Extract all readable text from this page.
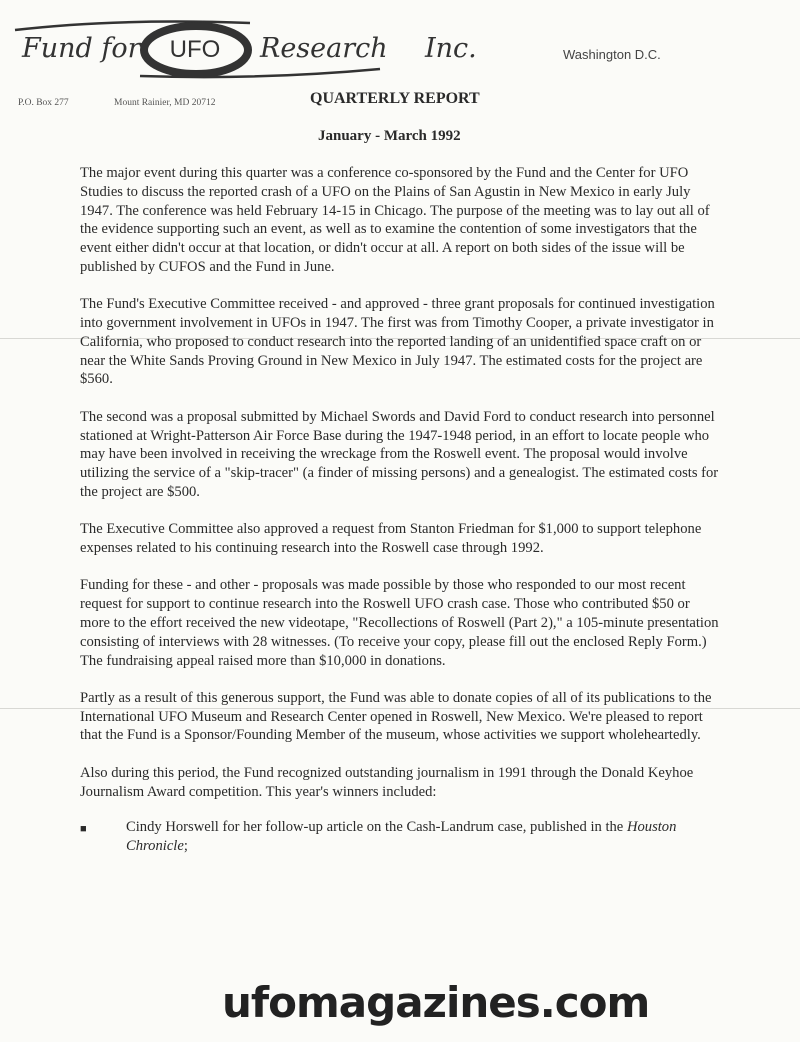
Fund for	UFO	Research Inc.	Washington D.C.
P.O. Box 277	Mount Rainier, MD 20712	QUARTERLY REPORT
January - March 1992

The major event during this quarter was a conference co-sponsored by the Fund and the Center for UFO Studies to discuss the reported crash of a UFO on the Plains of San Agustin in New Mexico in early July 1947. The conference was held February 14-15 in Chicago. The purpose of the meeting was to lay out all of the evidence supporting such an event, as well as to examine the contention of some investigators that the event either didn't occur at that location, or didn't occur at all. A report on both sides of the issue will be published by CUFOS and the Fund in June.

The Fund's Executive Committee received - and approved - three grant proposals for continued investigation into government involvement in UFOs in 1947. The first was from Timothy Cooper, a private investigator in California, who proposed to conduct research into the reported landing of an unidentified space craft on or near the White Sands Proving Ground in New Mexico in July 1947. The estimated costs for the project are $560.

The second was a proposal submitted by Michael Swords and David Ford to conduct research into personnel stationed at Wright-Patterson Air Force Base during the 1947-1948 period, in an effort to locate people who may have been involved in receiving the wreckage from the Roswell event. The proposal would involve utilizing the service of a "skip-tracer" (a finder of missing persons) and a genealogist. The estimated costs for the project are $500.

The Executive Committee also approved a request from Stanton Friedman for $1,000 to support telephone expenses related to his continuing research into the Roswell case through 1992.

Funding for these - and other - proposals was made possible by those who responded to our most recent request for support to continue research into the Roswell UFO crash case. Those who contributed $50 or more to the effort received the new videotape, "Recollections of Roswell (Part 2)," a 105-minute presentation consisting of interviews with 28 witnesses. (To receive your copy, please fill out the enclosed Reply Form.) The fundraising appeal raised more than $10,000 in donations.

Partly as a result of this generous support, the Fund was able to donate copies of all of its publications to the International UFO Museum and Research Center opened in Roswell, New Mexico. We're pleased to report that the Fund is a Sponsor/Founding Member of the museum, whose activities we support wholeheartedly.

Also during this period, the Fund recognized outstanding journalism in 1991 through the Donald Keyhoe Journalism Award competition. This year's winners included:

■	Cindy Horswell for her follow-up article on the Cash-Landrum case, published in the Houston Chronicle;
ufomagazines.com
